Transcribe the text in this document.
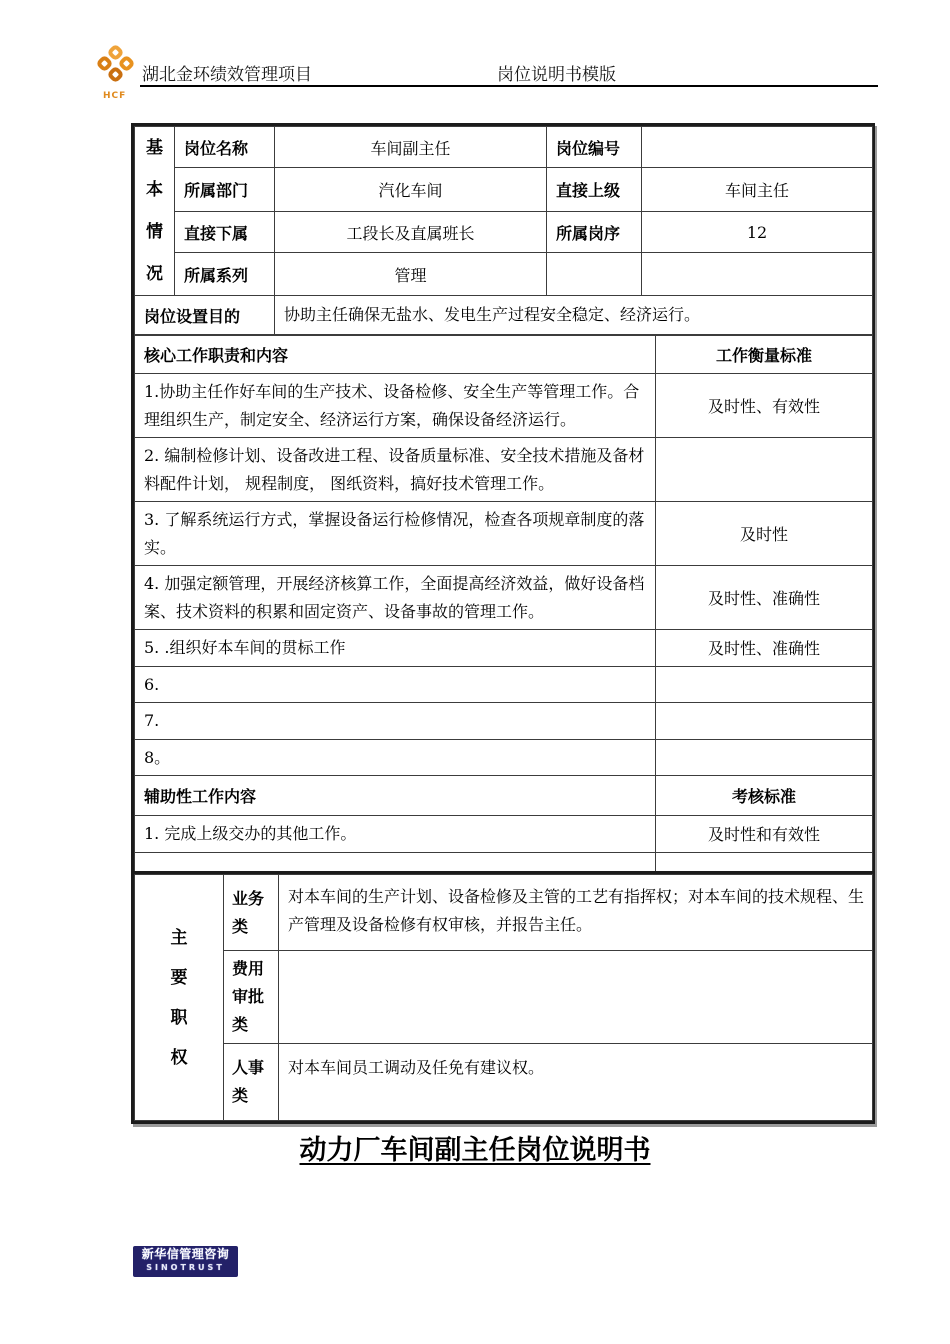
HCF
湖北金环绩效管理项目	岗位说明书模版
基
本
情
况	岗位名称	车间副主任	岗位编号	
	所属部门	汽化车间	直接上级	车间主任
	直接下属	工段长及直属班长	所属岗序	12
	所属系列	管理		
岗位设置目的		协助主任确保无盐水、发电生产过程安全稳定、经济运行。		
核心工作职责和内容	工作衡量标准
1.协助主任作好车间的生产技术、设备检修、安全生产等管理工作。合理组织生产，制定安全、经济运行方案，确保设备经济运行。	及时性、有效性
2. 编制检修计划、设备改进工程、设备质量标准、安全技术措施及备材料配件计划， 规程制度， 图纸资料，搞好技术管理工作。	
3. 了解系统运行方式，掌握设备运行检修情况，检查各项规章制度的落实。	及时性
4. 加强定额管理，开展经济核算工作，全面提高经济效益，做好设备档案、技术资料的积累和固定资产、设备事故的管理工作。	及时性、准确性
5. .组织好本车间的贯标工作	及时性、准确性
6.	
7.	
8。	
辅助性工作内容	考核标准
1. 完成上级交办的其他工作。	及时性和有效性

主
要
职
权	业务类	对本车间的生产计划、设备检修及主管的工艺有指挥权；对本车间的技术规程、生产管理及设备检修有权审核，并报告主任。
	费用审批类	
	人事类	对本车间员工调动及任免有建议权。
动力厂车间副主任岗位说明书
新华信管理咨询
SINOTRUST
